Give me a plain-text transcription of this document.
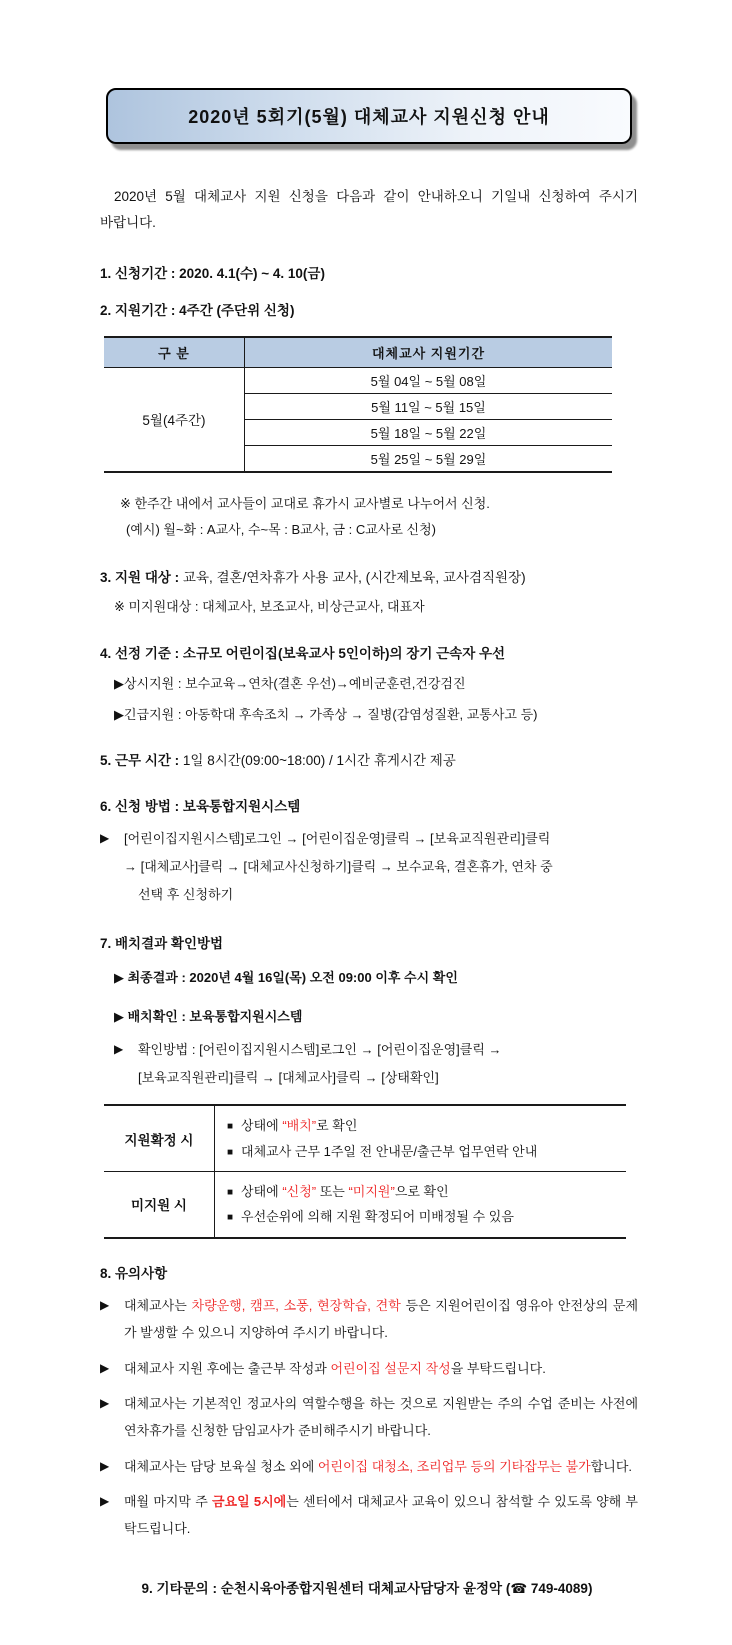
2020년 5회기(5월) 대체교사 지원신청 안내

2020년 5월 대체교사 지원 신청을 다음과 같이 안내하오니 기일내 신청하여 주시기 바랍니다.

1. 신청기간 : 2020. 4.1(수) ~ 4. 10(금)
2. 지원기간 : 4주간 (주단위 신청)
구 분	대체교사 지원기간
5월(4주간)	5월 04일 ~ 5월 08일
	5월 11일 ~ 5월 15일
	5월 18일 ~ 5월 22일
	5월 25일 ~ 5월 29일
※ 한주간 내에서 교사들이 교대로 휴가시 교사별로 나누어서 신청.
(예시) 월~화 : A교사, 수~목 : B교사, 금 : C교사로 신청)
3. 지원 대상 : 교육, 결혼/연차휴가 사용 교사, (시간제보육, 교사겸직원장)
※ 미지원대상 : 대체교사, 보조교사, 비상근교사, 대표자
4. 선정 기준 : 소규모 어린이집(보육교사 5인이하)의 장기 근속자 우선
▶상시지원 : 보수교육→연차(결혼 우선)→예비군훈련,건강검진
▶긴급지원 : 아동학대 후속조치 → 가족상 → 질병(감염성질환, 교통사고 등)
5. 근무 시간 : 1일 8시간(09:00~18:00) / 1시간 휴게시간 제공
6. 신청 방법 : 보육통합지원시스템
▶	[어린이집지원시스템]로그인 → [어린이집운영]클릭 → [보육교직원관리]클릭
→ [대체교사]클릭 → [대체교사신청하기]클릭 → 보수교육, 결혼휴가, 연차 중
선택 후 신청하기
7. 배치결과 확인방법
▶ 최종결과 : 2020년 4월 16일(목) 오전 09:00 이후 수시 확인
▶ 배치확인 : 보육통합지원시스템
▶	확인방법 : [어린이집지원시스템]로그인 → [어린이집운영]클릭 →
[보육교직원관리]클릭 → [대체교사]클릭 → [상태확인]
지원확정 시	■ 상태에 “배치”로 확인
■ 대체교사 근무 1주일 전 안내문/출근부 업무연락 안내

미지원 시	■ 상태에 “신청” 또는 “미지원”으로 확인
■ 우선순위에 의해 지원 확정되어 미배정될 수 있음
8. 유의사항
▶	대체교사는 차량운행, 캠프, 소풍, 현장학습, 견학 등은 지원어린이집 영유아 안전상의 문제가 발생할 수 있으니 지양하여 주시기 바랍니다.
▶	대체교사 지원 후에는 출근부 작성과 어린이집 설문지 작성을 부탁드립니다.
▶	대체교사는 기본적인 정교사의 역할수행을 하는 것으로 지원받는 주의 수업 준비는 사전에 연차휴가를 신청한 담임교사가 준비해주시기 바랍니다.
▶	대체교사는 담당 보육실 청소 외에 어린이집 대청소, 조리업무 등의 기타잡무는 불가합니다.
▶	매월 마지막 주 금요일 5시에는 센터에서 대체교사 교육이 있으니 참석할 수 있도록 양해 부탁드립니다.
9. 기타문의 : 순천시육아종합지원센터 대체교사담당자 윤정악 (☎ 749-4089)
